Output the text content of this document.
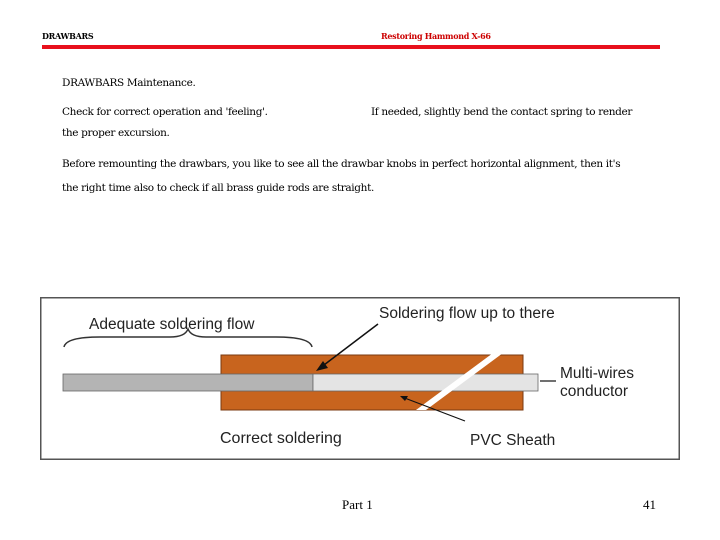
DRAWBARS	Restoring Hammond X-66
DRAWBARS Maintenance.
Check for correct operation and 'feeling'.	If needed, slightly bend the contact spring to render
the proper excursion.
Before remounting the drawbars, you like to see all the drawbar knobs in perfect horizontal alignment, then it's
the right time also to check if all brass guide rods are straight.
Adequate soldering flow
Soldering flow up to there
Multi-wires
conductor
Correct soldering	PVC Sheath
Part 1	41
